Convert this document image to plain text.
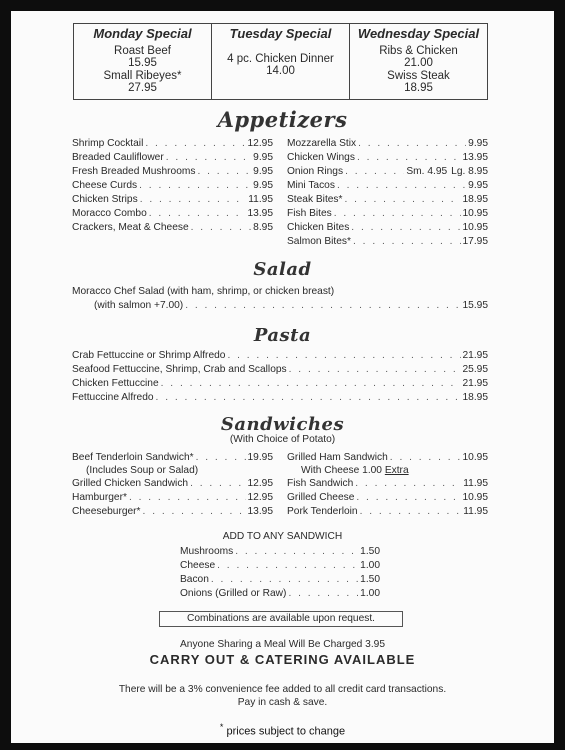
Monday Special
Roast Beef
15.95
Small Ribeyes*
27.95
Tuesday Special
4 pc. Chicken Dinner
14.00
Wednesday Special
Ribs & Chicken
21.00
Swiss Steak
18.95
Appetizers
Shrimp Cocktail . . .	12.95
Breaded Cauliflower . . .	9.95
Fresh Breaded Mushrooms . . .	9.95
Cheese Curds . . .	9.95
Chicken Strips . . .	11.95
Moracco Combo . . .	13.95
Crackers, Meat & Cheese . . .	8.95
Mozzarella Stix . . .	9.95
Chicken Wings . . .	13.95
Onion Rings . . .	Sm. 4.95 Lg. 8.95
Mini Tacos . . .	9.95
Steak Bites* . . .	18.95
Fish Bites . . .	10.95
Chicken Bites . . .	10.95
Salmon Bites* . . .	17.95
Salad
Moracco Chef Salad (with ham, shrimp, or chicken breast)
(with salmon +7.00) . . .	15.95
Pasta
Crab Fettuccine or Shrimp Alfredo . . .	21.95
Seafood Fettuccine, Shrimp, Crab and Scallops . . .	25.95
Chicken Fettuccine . . .	21.95
Fettuccine Alfredo . . .	18.95
Sandwiches
(With Choice of Potato)
Beef Tenderloin Sandwich* . . .	19.95
(Includes Soup or Salad)
Grilled Chicken Sandwich . . .	12.95
Hamburger* . . .	12.95
Cheeseburger* . . .	13.95
Grilled Ham Sandwich . . .	10.95
With Cheese 1.00 Extra
Fish Sandwich . . .	11.95
Grilled Cheese . . .	10.95
Pork Tenderloin . . .	11.95
ADD TO ANY SANDWICH
Mushrooms . . .	1.50
Cheese . . .	1.00
Bacon . . .	1.50
Onions (Grilled or Raw) . . .	1.00
Combinations are available upon request.
Anyone Sharing a Meal Will Be Charged 3.95
CARRY OUT & CATERING AVAILABLE
There will be a 3% convenience fee added to all credit card transactions.
Pay in cash & save.
* prices subject to change
